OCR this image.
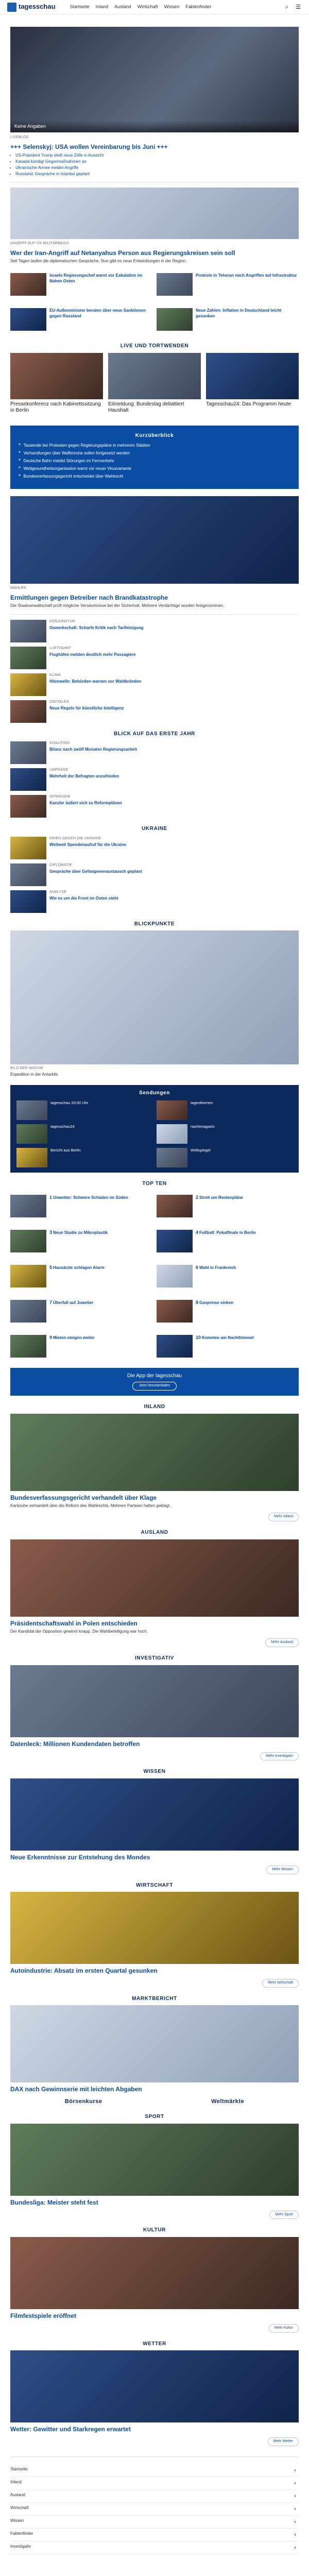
tagesschau	Startseite Inland Ausland Wirtschaft Wissen Faktenfinder	⌕	☰
Keine Angaben
LIVEBLOG
+++ Selenskyj: USA wollen Vereinbarung bis Juni +++
• US-Präsident Trump stellt neue Zölle in Aussicht
• Kanada kündigt Gegenmaßnahmen an
• Ukrainische Armee meldet Angriffe
• Russland: Gespräche in Istanbul geplant
ANGRIFF AUF US-MILITÄRBASIS
Wer der Iran-Angriff auf Netanyahus Person aus Regierungskreisen sein soll
Seit Tagen laufen die diplomatischen Gespräche. Nun gibt es neue Entwicklungen in der Region.
Israels Regierungschef warnt vor Eskalation im Nahen Osten
Proteste in Teheran nach Angriffen auf Infrastruktur
EU-Außenminister beraten über neue Sanktionen gegen Russland
Neue Zahlen: Inflation in Deutschland leicht gesunken
LIVE UND TORTWENDEN
Pressekonferenz nach Kabinettssitzung in Berlin
Eilmeldung: Bundestag debattiert Haushalt
Tagesschau24: Das Programm heute
Kurzüberblick
■ Tausende bei Protesten gegen Regierungspläne in mehreren Städten
■ Verhandlungen über Waffenruhe sollen fortgesetzt werden
■ Deutsche Bahn meldet Störungen im Fernverkehr
■ Weltgesundheitsorganisation warnt vor neuer Virusvariante
■ Bundesverfassungsgericht entscheidet über Wahlrecht
WAHLEN
Ermittlungen gegen Betreiber nach Brandkatastrophe
Die Staatsanwaltschaft prüft mögliche Versäumnisse bei der Sicherheit. Mehrere Verdächtige wurden festgenommen.
KONJUNKTUR
Gewerkschaft: Scharfe Kritik nach Tarifeinigung
LUFTFAHRT
Flughäfen melden deutlich mehr Passagiere
KLIMA
Hitzewelle: Behörden warnen vor Waldbränden
DIGITALES
Neue Regeln für künstliche Intelligenz
BLICK AUF DAS ERSTE JAHR
KOALITION
Bilanz nach zwölf Monaten Regierungsarbeit
UMFRAGE
Mehrheit der Befragten unzufrieden
INTERVIEW
Kanzler äußert sich zu Reformplänen
UKRAINE
KRIEG GEGEN DIE UKRAINE
Weltweit Spendenaufruf für die Ukraine
DIPLOMATIE
Gespräche über Gefangenenaustausch geplant
ANALYSE
Wie es um die Front im Osten steht
BLICKPUNKTE
BILD DER WOCHE
Expedition in der Antarktis
Sendungen
tagesschau 20:00 Uhr	tagesthemen
tagesschau24	nachtmagazin
Bericht aus Berlin	Weltspiegel
TOP TEN
1 Unwetter: Schwere Schäden im Süden	2 Streit um Rentenpläne
3 Neue Studie zu Mikroplastik	4 Fußball: Pokalfinale in Berlin
5 Hausärzte schlagen Alarm	6 Wahl in Frankreich
7 Überfall auf Juwelier	8 Gaspreise sinken
9 Mieten steigen weiter	10 Kometen am Nachthimmel
Die App der tagesschau
Jetzt herunterladen
INLAND
Bundesverfassungsgericht verhandelt über Klage
Karlsruhe verhandelt über die Reform des Wahlrechts. Mehrere Parteien hatten geklagt.
Mehr Inland
AUSLAND
Präsidentschaftswahl in Polen entschieden
Der Kandidat der Opposition gewinnt knapp. Die Wahlbeteiligung war hoch.
Mehr Ausland
INVESTIGATIV
Datenleck: Millionen Kundendaten betroffen
Mehr Investigativ
WISSEN
Neue Erkenntnisse zur Entstehung des Mondes
Mehr Wissen
WIRTSCHAFT
Autoindustrie: Absatz im ersten Quartal gesunken
Mehr Wirtschaft
MARKTBERICHT
DAX nach Gewinnserie mit leichten Abgaben
Börsenkurse	Weltmärkte
SPORT
Bundesliga: Meister steht fest
Mehr Sport
KULTUR
Filmfestspiele eröffnet
Mehr Kultur
WETTER
Wetter: Gewitter und Starkregen erwartet
Mehr Wetter
Startseite	›
Inland	›
Ausland	›
Wirtschaft	›
Wissen	›
Faktenfinder	›
Investigativ	›
